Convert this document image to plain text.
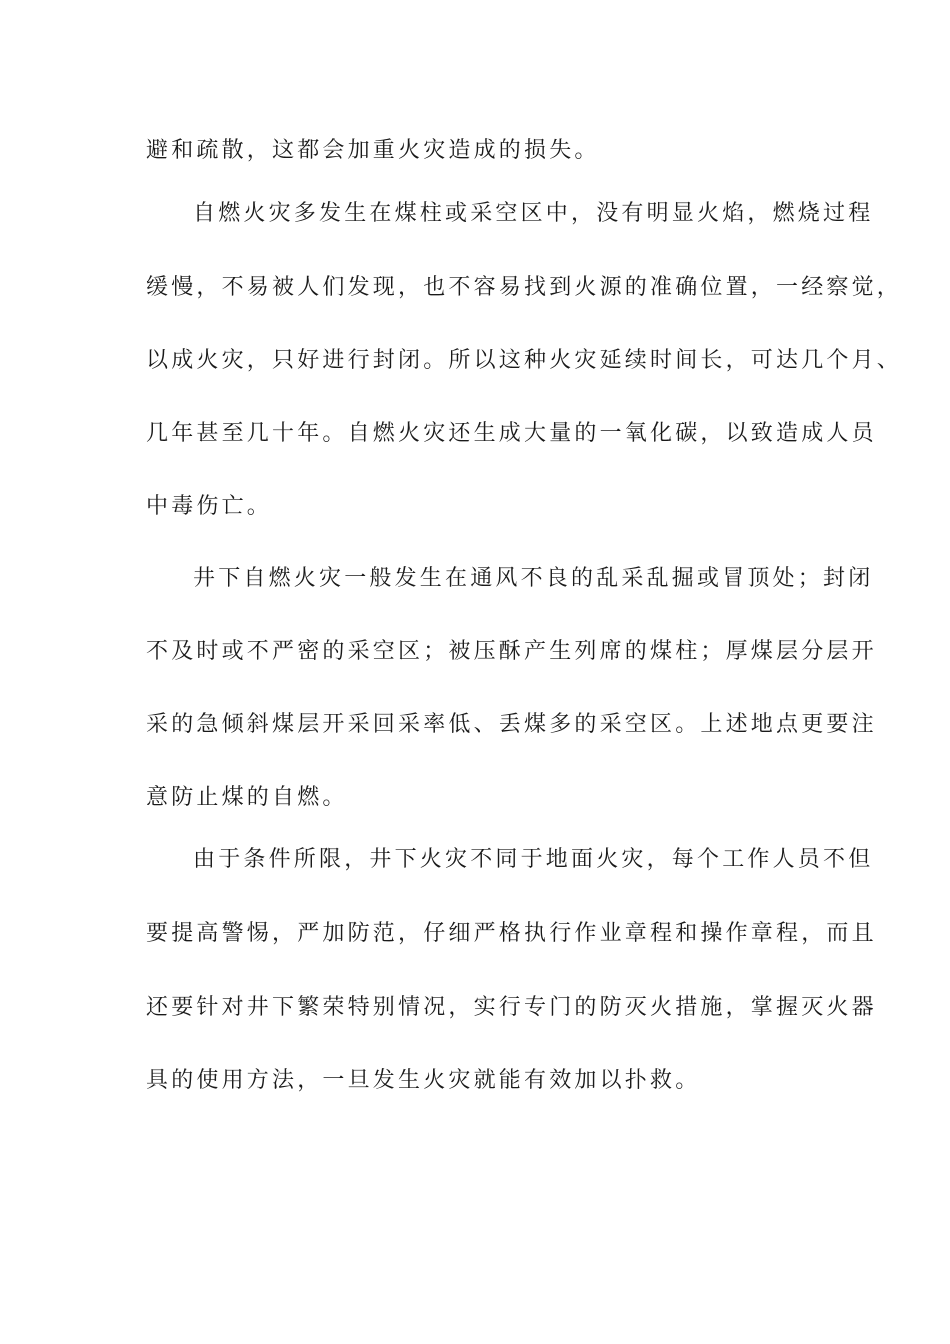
避和疏散，这都会加重火灾造成的损失。
自燃火灾多发生在煤柱或采空区中，没有明显火焰，燃烧过程
缓慢，不易被人们发现，也不容易找到火源的准确位置，一经察觉，
以成火灾，只好进行封闭。所以这种火灾延续时间长，可达几个月、
几年甚至几十年。自燃火灾还生成大量的一氧化碳，以致造成人员
中毒伤亡。
井下自燃火灾一般发生在通风不良的乱采乱掘或冒顶处；封闭
不及时或不严密的采空区；被压酥产生列席的煤柱；厚煤层分层开
采的急倾斜煤层开采回采率低、丢煤多的采空区。上述地点更要注
意防止煤的自燃。
由于条件所限，井下火灾不同于地面火灾，每个工作人员不但
要提高警惕，严加防范，仔细严格执行作业章程和操作章程，而且
还要针对井下繁荣特别情况，实行专门的防灭火措施，掌握灭火器
具的使用方法，一旦发生火灾就能有效加以扑救。
